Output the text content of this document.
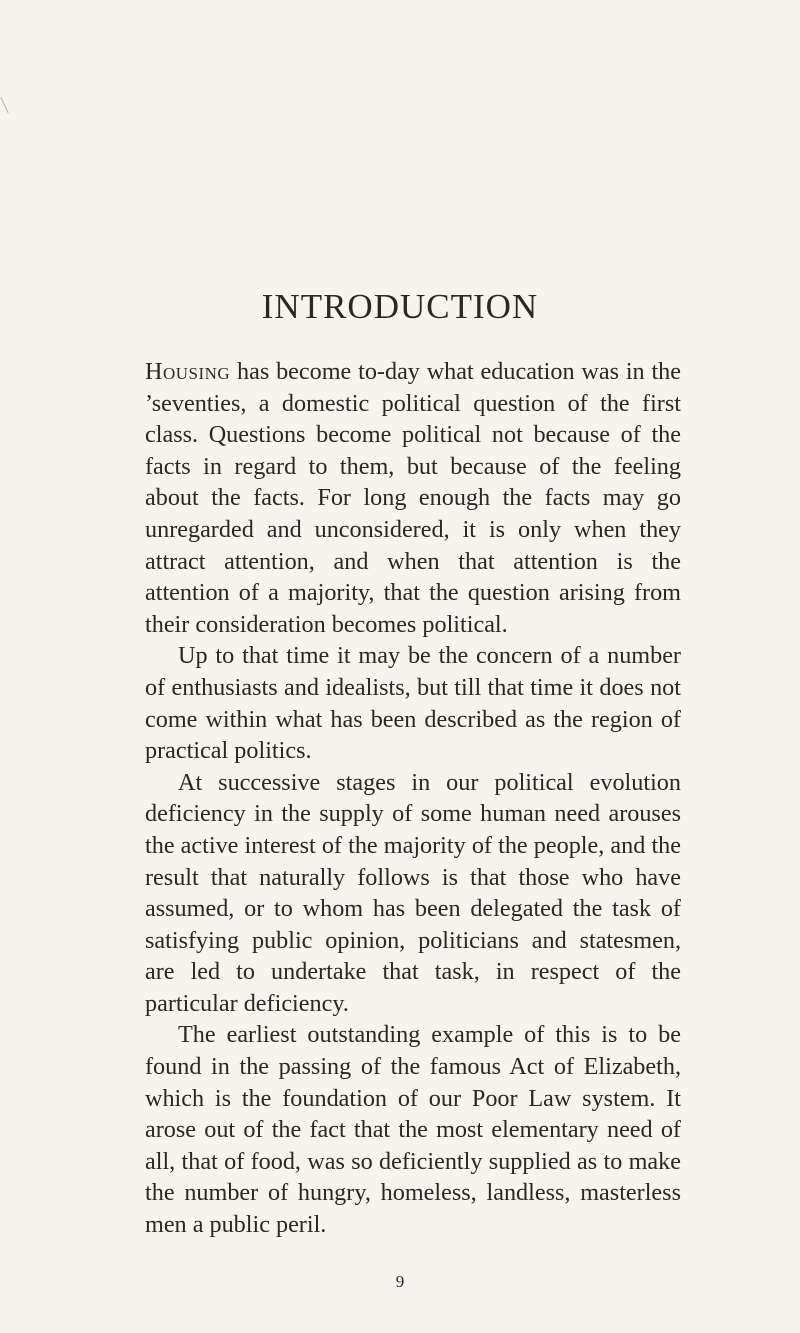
INTRODUCTION

Housing has become to-day what education was in the ’seventies, a domestic political question of the first class. Questions become political not because of the facts in regard to them, but because of the feeling about the facts. For long enough the facts may go unregarded and unconsidered, it is only when they attract attention, and when that attention is the attention of a majority, that the question arising from their consideration becomes political.

Up to that time it may be the concern of a number of enthusiasts and idealists, but till that time it does not come within what has been described as the region of practical politics.

At successive stages in our political evolution deficiency in the supply of some human need arouses the active interest of the majority of the people, and the result that naturally follows is that those who have assumed, or to whom has been delegated the task of satisfying public opinion, politicians and statesmen, are led to undertake that task, in respect of the particular deficiency.

The earliest outstanding example of this is to be found in the passing of the famous Act of Elizabeth, which is the foundation of our Poor Law system. It arose out of the fact that the most elementary need of all, that of food, was so deficiently supplied as to make the number of hungry, homeless, landless, masterless men a public peril.

9
